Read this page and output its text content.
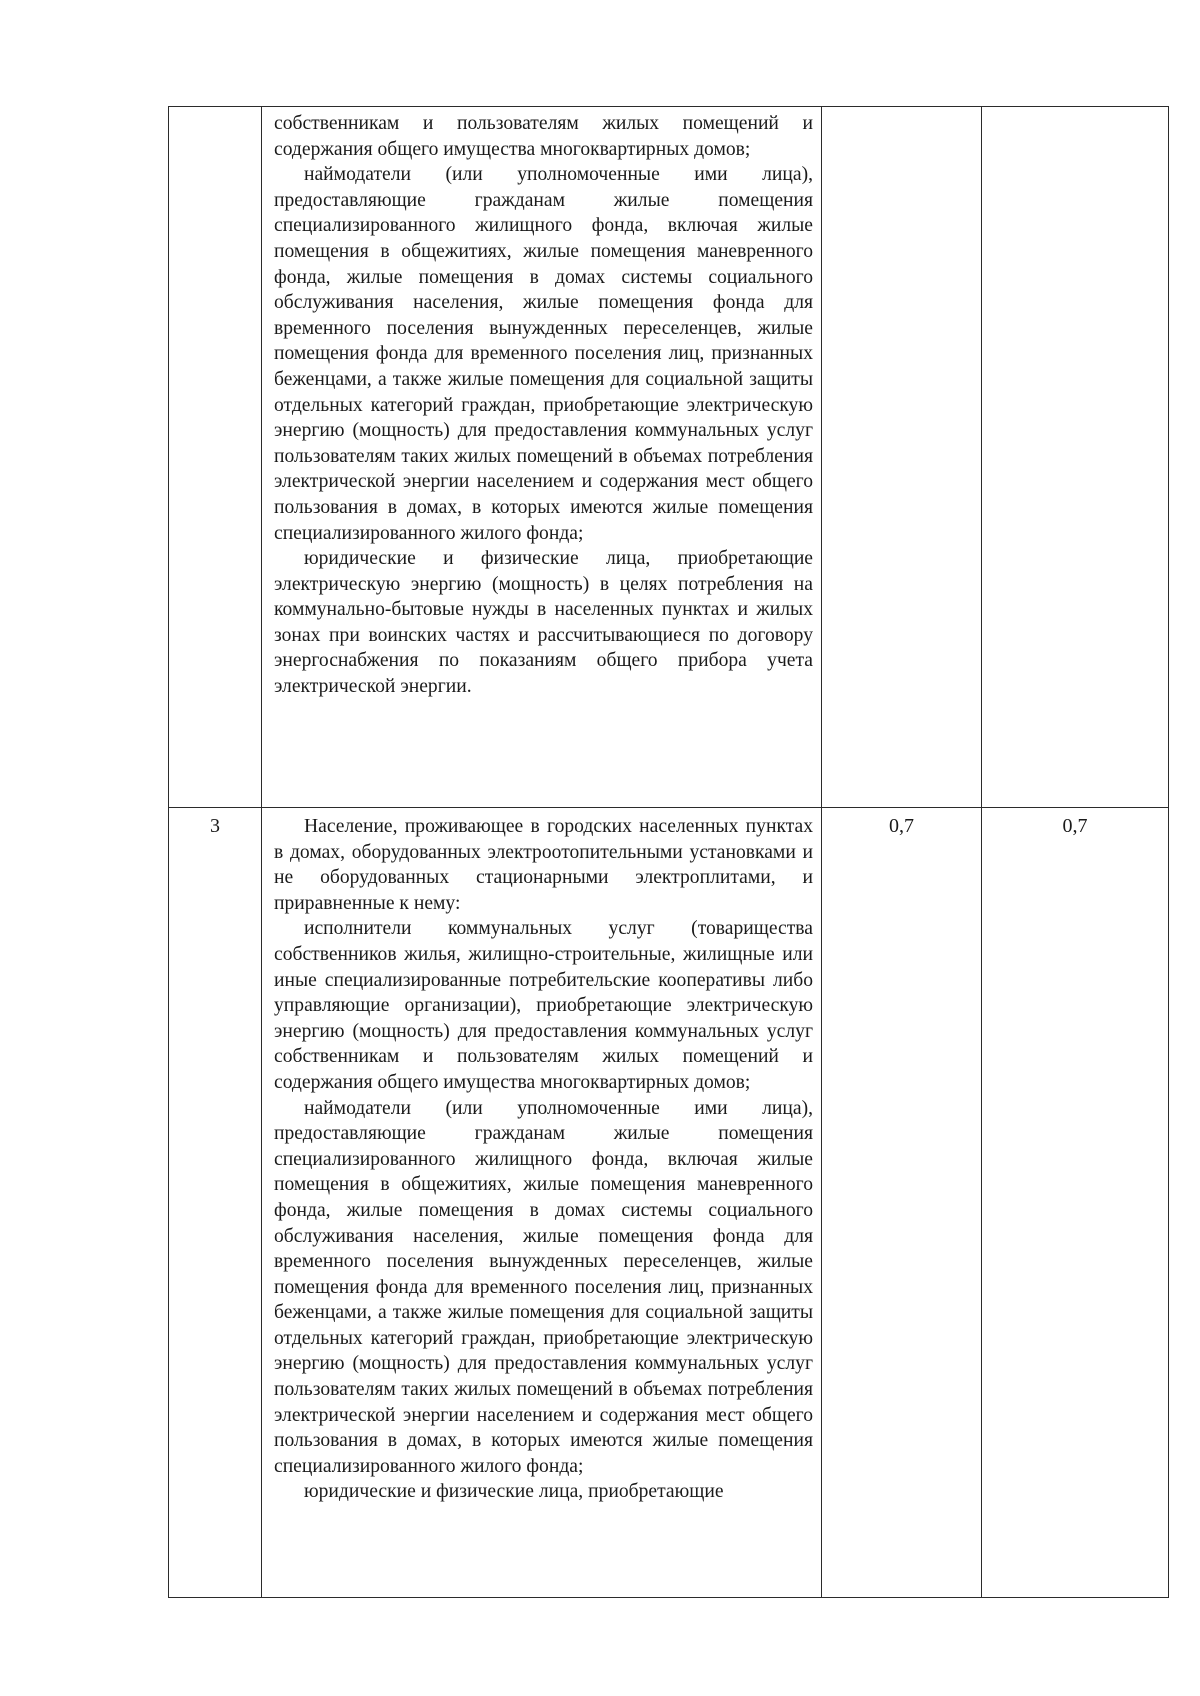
	собственникам и пользователям жилых помещений и содержания общего имущества многоквартирных домов;

наймодатели (или уполномоченные ими лица), предоставляющие гражданам жилые помещения специализированного жилищного фонда, включая жилые помещения в общежитиях, жилые помещения маневренного фонда, жилые помещения в домах системы социального обслуживания населения, жилые помещения фонда для временного поселения вынужденных переселенцев, жилые помещения фонда для временного поселения лиц, признанных беженцами, а также жилые помещения для социальной защиты отдельных категорий граждан, приобретающие электрическую энергию (мощность) для предоставления коммунальных услуг пользователям таких жилых помещений в объемах потребления электрической энергии населением и содержания мест общего пользования в домах, в которых имеются жилые помещения специализированного жилого фонда;

юридические и физические лица, приобретающие электрическую энергию (мощность) в целях потребления на коммунально-бытовые нужды в населенных пунктах и жилых зонах при воинских частях и рассчитывающиеся по договору энергоснабжения по показаниям общего прибора учета электрической энергии.		

3	Население, проживающее в городских населенных пунктах в домах, оборудованных электроотопительными установками и не оборудованных стационарными электроплитами, и приравненные к нему:

исполнители коммунальных услуг (товарищества собственников жилья, жилищно-строительные, жилищные или иные специализированные потребительские кооперативы либо управляющие организации), приобретающие электрическую энергию (мощность) для предоставления коммунальных услуг собственникам и пользователям жилых помещений и содержания общего имущества многоквартирных домов;

наймодатели (или уполномоченные ими лица), предоставляющие гражданам жилые помещения специализированного жилищного фонда, включая жилые помещения в общежитиях, жилые помещения маневренного фонда, жилые помещения в домах системы социального обслуживания населения, жилые помещения фонда для временного поселения вынужденных переселенцев, жилые помещения фонда для временного поселения лиц, признанных беженцами, а также жилые помещения для социальной защиты отдельных категорий граждан, приобретающие электрическую энергию (мощность) для предоставления коммунальных услуг пользователям таких жилых помещений в объемах потребления электрической энергии населением и содержания мест общего пользования в домах, в которых имеются жилые помещения специализированного жилого фонда;

юридические и физические лица, приобретающие	0,7	0,7
